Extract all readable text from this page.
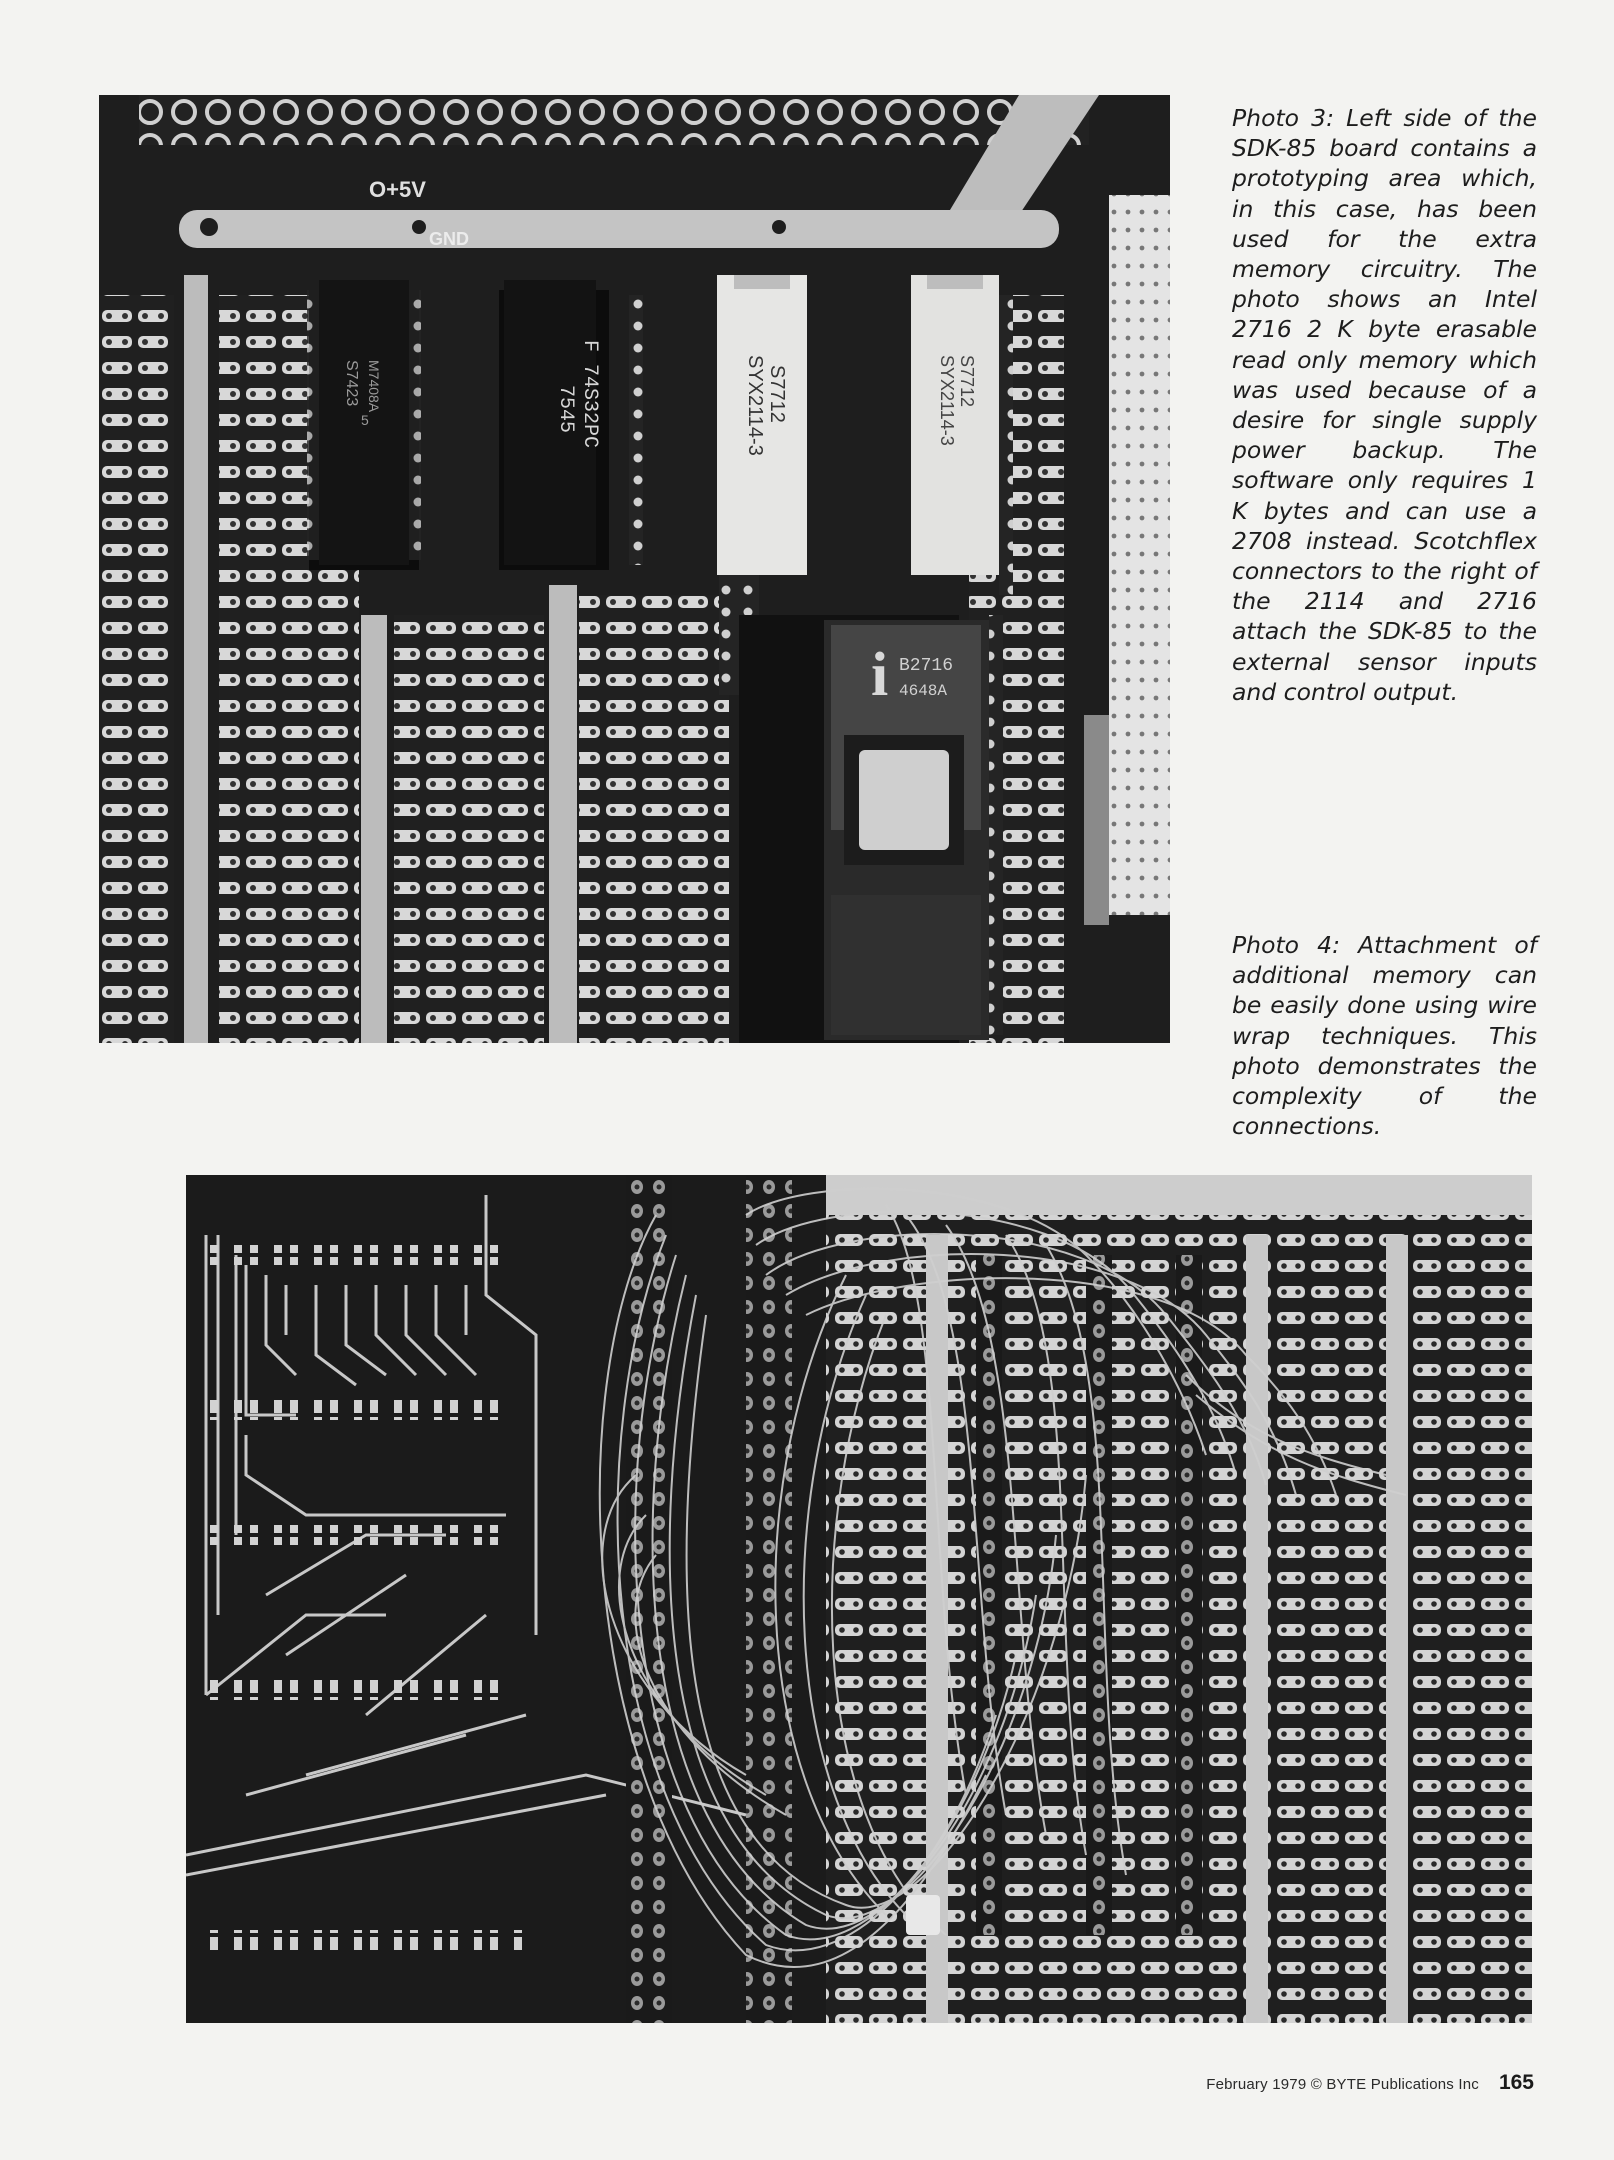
S7423 M7408A
5	F 74S32PC
7545	S7712
SYX2114-3	S7712
SYX2114-3
i B2716
4648A
O+5V
GND

Photo 3: Left side of the SDK-85 board contains a prototyping area which, in this case, has been used for the extra memory circuitry. The photo shows an Intel 2716 2 K byte erasable read only memory which was used because of a desire for single supply power backup. The software only requires 1 K bytes and can use a 2708 instead. Scotchflex connectors to the right of the 2114 and 2716 attach the SDK-85 to the external sensor inputs and control output.

Photo 4: Attachment of additional memory can be easily done using wire wrap techniques. This photo demonstrates the complexity of the connections.

February 1979 © BYTE Publications Inc 165
